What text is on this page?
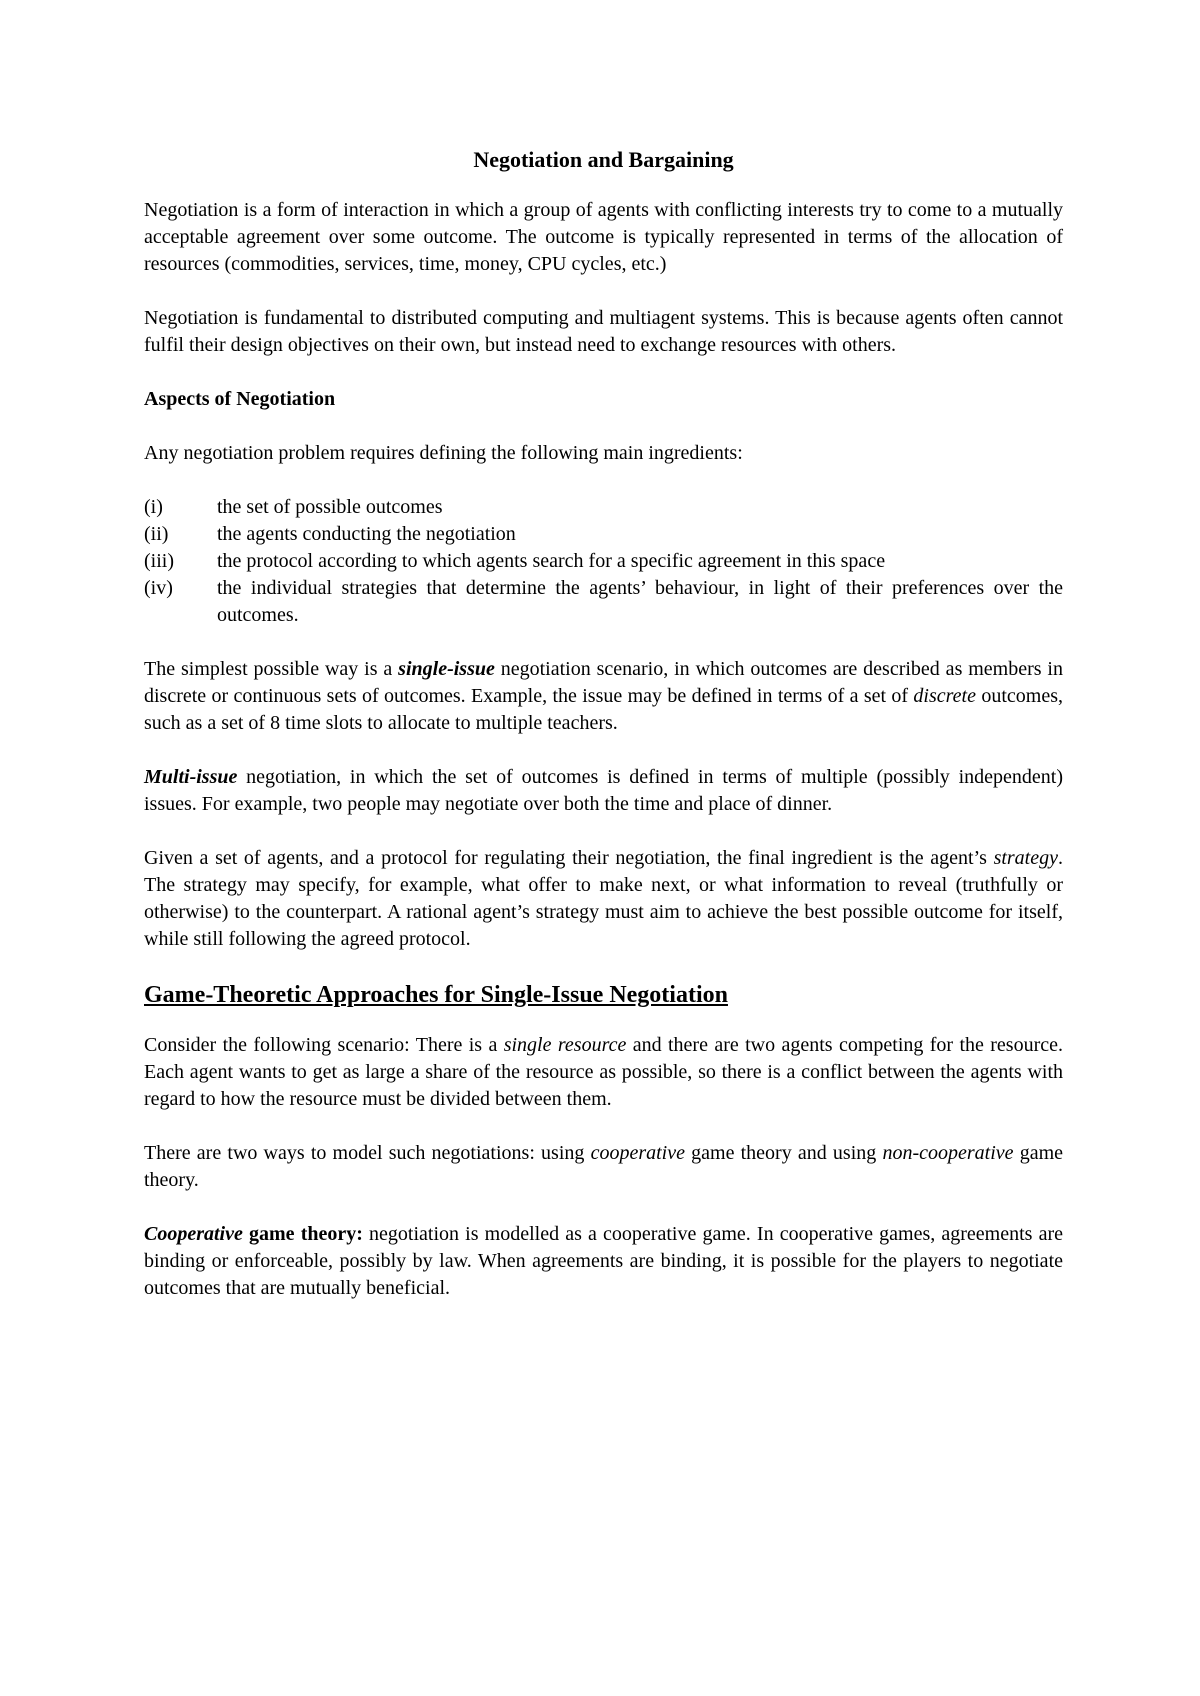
Negotiation and Bargaining

Negotiation is a form of interaction in which a group of agents with conflicting interests try to come to a mutually acceptable agreement over some outcome. The outcome is typically represented in terms of the allocation of resources (commodities, services, time, money, CPU cycles, etc.)

Negotiation is fundamental to distributed computing and multiagent systems. This is because agents often cannot fulfil their design objectives on their own, but instead need to exchange resources with others.

Aspects of Negotiation

Any negotiation problem requires defining the following main ingredients:

(i)	the set of possible outcomes
(ii)	the agents conducting the negotiation
(iii)	the protocol according to which agents search for a specific agreement in this space
(iv)	the individual strategies that determine the agents’ behaviour, in light of their preferences over the outcomes.

The simplest possible way is a single-issue negotiation scenario, in which outcomes are described as members in discrete or continuous sets of outcomes. Example, the issue may be defined in terms of a set of discrete outcomes, such as a set of 8 time slots to allocate to multiple teachers.

Multi-issue negotiation, in which the set of outcomes is defined in terms of multiple (possibly independent) issues. For example, two people may negotiate over both the time and place of dinner.

Given a set of agents, and a protocol for regulating their negotiation, the final ingredient is the agent’s strategy. The strategy may specify, for example, what offer to make next, or what information to reveal (truthfully or otherwise) to the counterpart. A rational agent’s strategy must aim to achieve the best possible outcome for itself, while still following the agreed protocol.

Game-Theoretic Approaches for Single-Issue Negotiation

Consider the following scenario: There is a single resource and there are two agents competing for the resource. Each agent wants to get as large a share of the resource as possible, so there is a conflict between the agents with regard to how the resource must be divided between them.

There are two ways to model such negotiations: using cooperative game theory and using non-cooperative game theory.

Cooperative game theory: negotiation is modelled as a cooperative game. In cooperative games, agreements are binding or enforceable, possibly by law. When agreements are binding, it is possible for the players to negotiate outcomes that are mutually beneficial.
